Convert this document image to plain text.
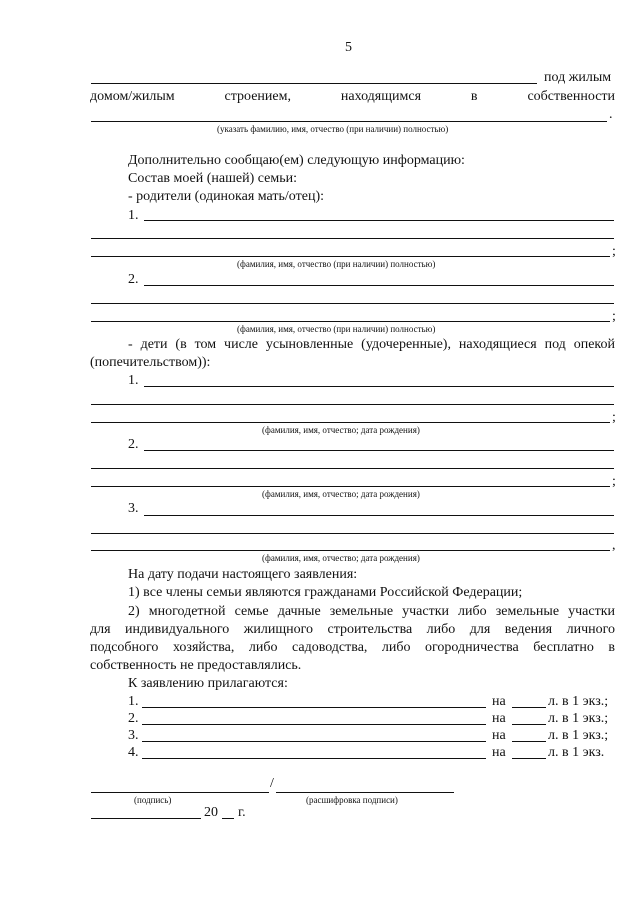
5
под жилым
домом/жилым	строением,	находящимся	в	собственности
.
(указать фамилию, имя, отчество (при наличии) полностью)
Дополнительно сообщаю(ем) следующую информацию:
Состав моей (нашей) семьи:
- родители (одинокая мать/отец):
1.
;
(фамилия, имя, отчество (при наличии) полностью)
2.
;
(фамилия, имя, отчество (при наличии) полностью)
- дети (в том числе усыновленные (удочеренные), находящиеся под опекой
(попечительством)):
1.
;
(фамилия, имя, отчество; дата рождения)
2.
;
(фамилия, имя, отчество; дата рождения)
3.
,
(фамилия, имя, отчество; дата рождения)
На дату подачи настоящего заявления:
1) все члены семьи являются гражданами Российской Федерации;
2) многодетной семье дачные земельные участки либо земельные участки
для индивидуального жилищного строительства либо для ведения личного
подсобного хозяйства, либо садоводства, либо огородничества бесплатно в
собственность не предоставлялись.
К заявлению прилагаются:
1.	на	л. в 1 экз.;
2.	на	л. в 1 экз.;
3.	на	л. в 1 экз.;
4.	на	л. в 1 экз.
/
(подпись)	(расшифровка подписи)
20 г.
